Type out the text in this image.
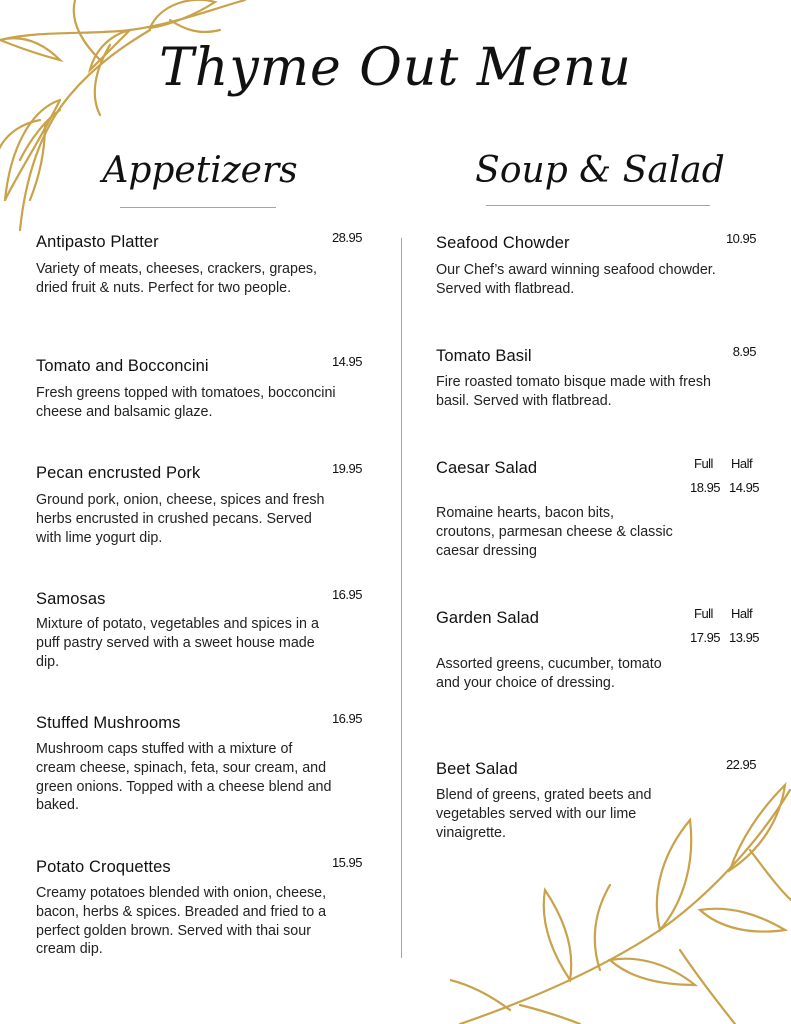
Thyme Out Menu
Appetizers	Soup & Salad
Antipasto Platter	28.95
Variety of meats, cheeses, crackers, grapes, dried fruit & nuts. Perfect for two people.
Tomato and Bocconcini	14.95
Fresh greens topped with tomatoes, bocconcini cheese and balsamic glaze.
Pecan encrusted Pork	19.95
Ground pork, onion, cheese, spices and fresh herbs encrusted in crushed pecans. Served with lime yogurt dip.
Samosas	16.95
Mixture of potato, vegetables and spices in a puff pastry served with a sweet house made dip.
Stuffed Mushrooms	16.95
Mushroom caps stuffed with a mixture of cream cheese, spinach, feta, sour cream, and green onions. Topped with a cheese blend and baked.
Potato Croquettes	15.95
Creamy potatoes blended with onion, cheese, bacon, herbs & spices. Breaded and fried to a perfect golden brown. Served with thai sour cream dip.
Seafood Chowder	10.95
Our Chef’s award winning seafood chowder. Served with flatbread.
Tomato Basil	8.95
Fire roasted tomato bisque made with fresh basil. Served with flatbread.
Caesar Salad	Full Half
18.95 14.95
Romaine hearts, bacon bits, croutons, parmesan cheese & classic caesar dressing
Garden Salad	Full Half
17.95 13.95
Assorted greens, cucumber, tomato and your choice of dressing.
Beet Salad	22.95
Blend of greens, grated beets and vegetables served with our lime vinaigrette.
